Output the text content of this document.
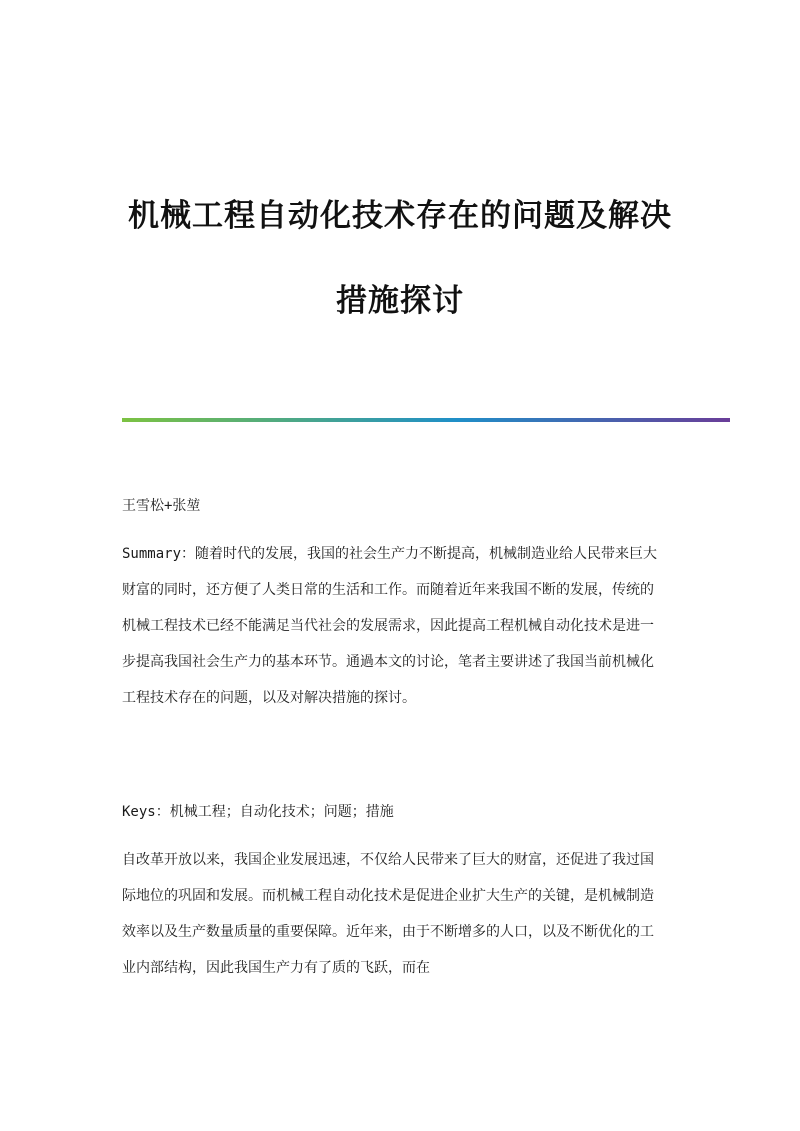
机械工程自动化技术存在的问题及解决
措施探讨
王雪松+张堃
Summary：随着时代的发展，我国的社会生产力不断提高，机械制造业给人民带来巨大财富的同时，还方便了人类日常的生活和工作。而随着近年来我国不断的发展，传统的机械工程技术已经不能满足当代社会的发展需求，因此提高工程机械自动化技术是进一步提高我国社会生产力的基本环节。通過本文的讨论，笔者主要讲述了我国当前机械化工程技术存在的问题，以及对解决措施的探讨。
Keys：机械工程；自动化技术；问题；措施
自改革开放以来，我国企业发展迅速，不仅给人民带来了巨大的财富，还促进了我过国际地位的巩固和发展。而机械工程自动化技术是促进企业扩大生产的关键，是机械制造效率以及生产数量质量的重要保障。近年来，由于不断增多的人口，以及不断优化的工业内部结构，因此我国生产力有了质的飞跃，而在
